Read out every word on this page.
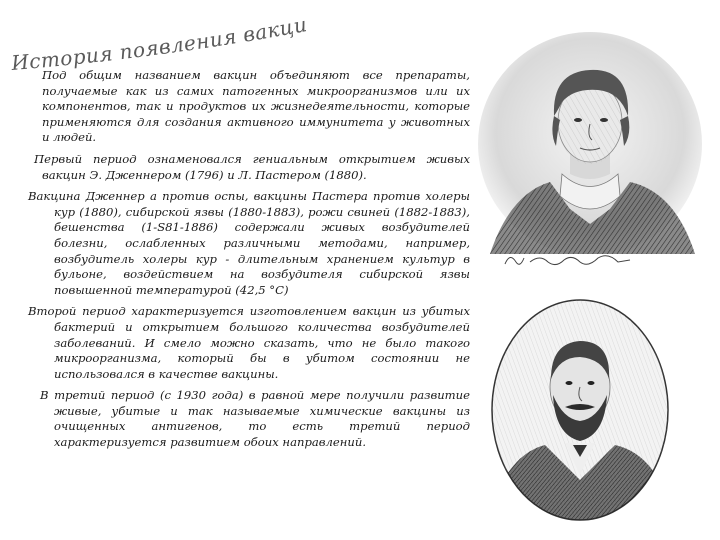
История появления вакцин

Под общим названием вакцин объединяют все препараты, получаемые как из самих патогенных микроорганизмов или их компонентов, так и продуктов их жизнедеятельности, которые применяются для создания активного иммунитета у животных и людей.

Первый период ознаменовался гениальным открытием живых вакцин Э. Дженнером (1796) и Л. Пастером (1880).

Вакцина Дженнер а против оспы, вакцины Пастера против холеры кур (1880), сибирской язвы (1880-1883), рожи свиней (1882-1883), бешенства (1-S81-1886) содержали живых возбудителей болезни, ослабленных различными методами, например, возбудитель холеры кур - длительным хранением культур в бульоне, воздействием на возбудителя сибирской язвы повышенной температурой (42,5 °С)

Второй период характеризуется изготовлением вакцин из убитых бактерий и открытием большого количества возбудителей заболеваний. И смело можно сказать, что не было такого микроорганизма, который бы в убитом состоянии не использовался в качестве вакцины.

В третий период (с 1930 года) в равной мере получили развитие живые, убитые и так называемые химические вакцины из очищенных антигенов, то есть третий период характеризуется развитием обоих направлений.
